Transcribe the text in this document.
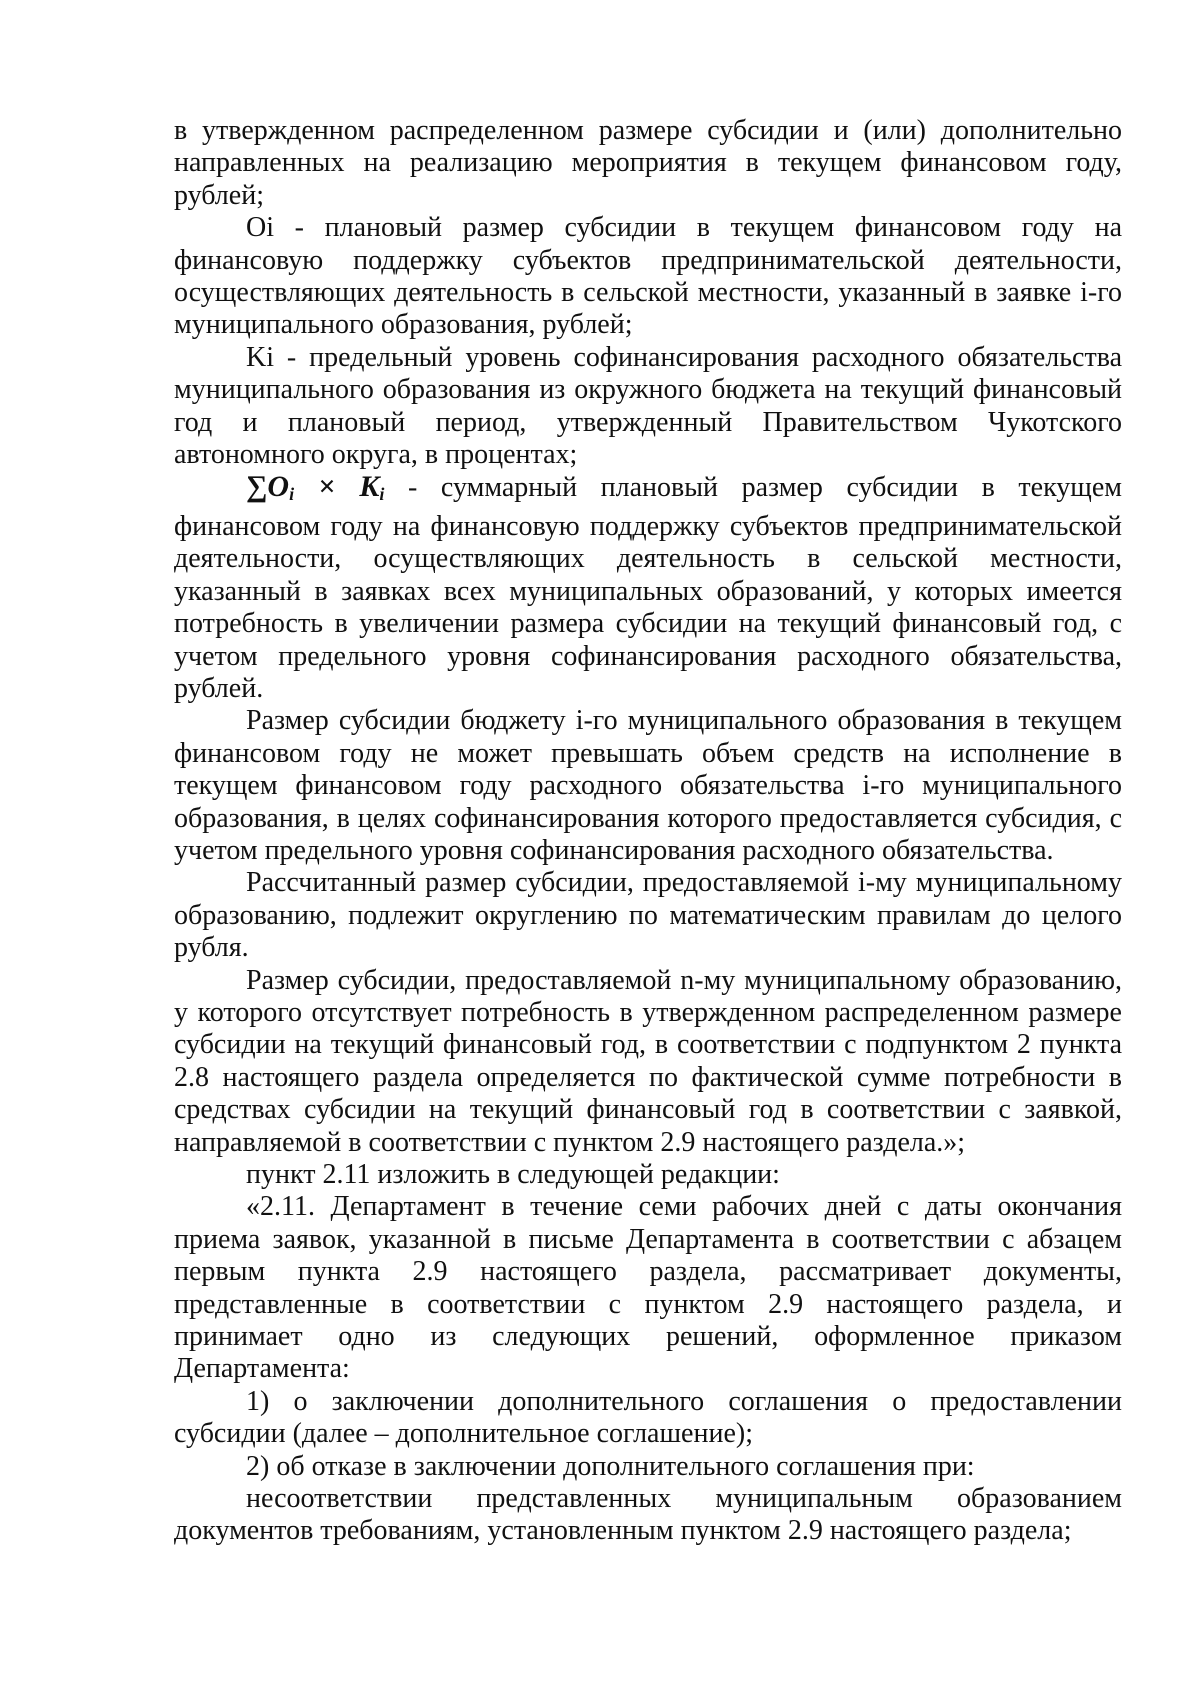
в утвержденном распределенном размере субсидии и (или) дополнительно направленных на реализацию мероприятия в текущем финансовом году, рублей;

Oi - плановый размер субсидии в текущем финансовом году на финансовую поддержку субъектов предпринимательской деятельности, осуществляющих деятельность в сельской местности, указанный в заявке i-го муниципального образования, рублей;

Ki - предельный уровень софинансирования расходного обязательства муниципального образования из окружного бюджета на текущий финансовый год и плановый период, утвержденный Правительством Чукотского автономного округа, в процентах;

$\sum O_i \times K_i$ - суммарный плановый размер субсидии в текущем финансовом году на финансовую поддержку субъектов предпринимательской деятельности, осуществляющих деятельность в сельской местности, указанный в заявках всех муниципальных образований, у которых имеется потребность в увеличении размера субсидии на текущий финансовый год, с учетом предельного уровня софинансирования расходного обязательства, рублей.

Размер субсидии бюджету i-го муниципального образования в текущем финансовом году не может превышать объем средств на исполнение в текущем финансовом году расходного обязательства i-го муниципального образования, в целях софинансирования которого предоставляется субсидия, с учетом предельного уровня софинансирования расходного обязательства.

Рассчитанный размер субсидии, предоставляемой i-му муниципальному образованию, подлежит округлению по математическим правилам до целого рубля.

Размер субсидии, предоставляемой n-му муниципальному образованию, у которого отсутствует потребность в утвержденном распределенном размере субсидии на текущий финансовый год, в соответствии с подпунктом 2 пункта 2.8 настоящего раздела определяется по фактической сумме потребности в средствах субсидии на текущий финансовый год в соответствии с заявкой, направляемой в соответствии с пунктом 2.9 настоящего раздела.»;

пункт 2.11 изложить в следующей редакции:

«2.11. Департамент в течение семи рабочих дней с даты окончания приема заявок, указанной в письме Департамента в соответствии с абзацем первым пункта 2.9 настоящего раздела, рассматривает документы, представленные в соответствии с пунктом 2.9 настоящего раздела, и принимает одно из следующих решений, оформленное приказом Департамента:

1) о заключении дополнительного соглашения о предоставлении субсидии (далее – дополнительное соглашение);

2) об отказе в заключении дополнительного соглашения при:

несоответствии представленных муниципальным образованием документов требованиям, установленным пунктом 2.9 настоящего раздела;
